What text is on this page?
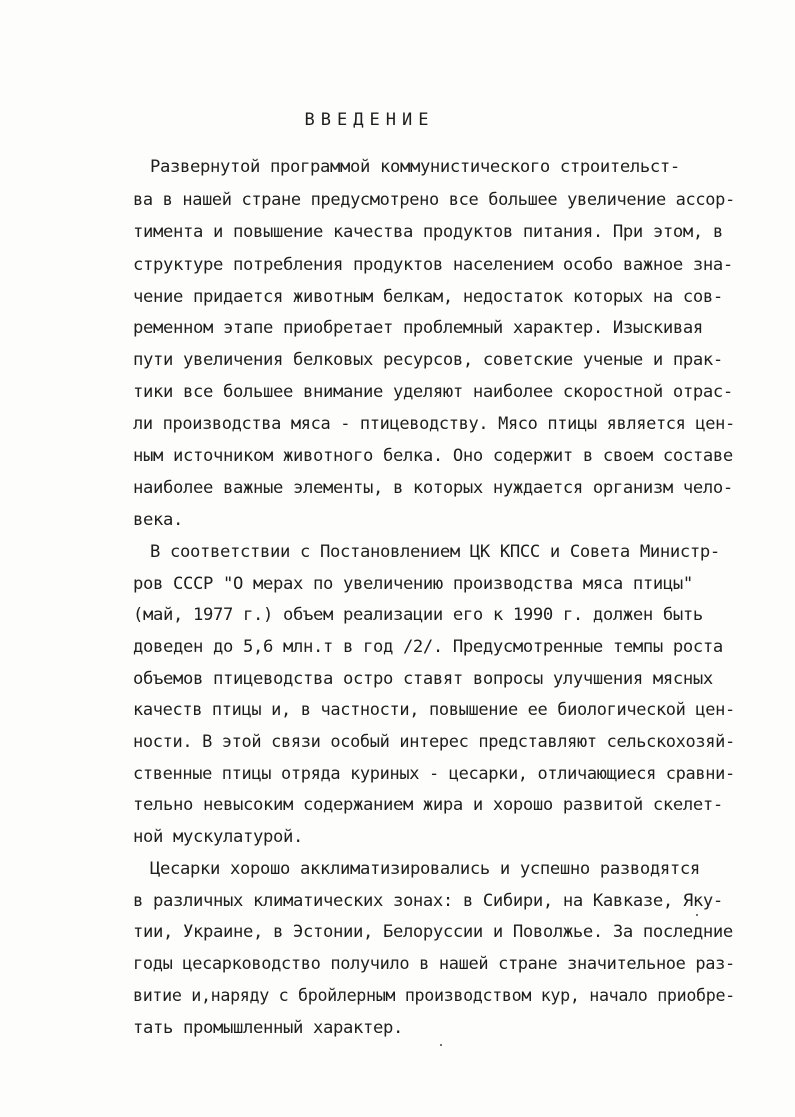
ВВЕДЕНИЕ
Развернутой программой коммунистического строительст-
ва в нашей стране предусмотрено все большее увеличение ассор-
тимента и повышение качества продуктов питания. При этом, в
структуре потребления продуктов населением особо важное зна-
чение придается животным белкам, недостаток которых на сов-
ременном этапе приобретает проблемный характер. Изыскивая
пути увеличения белковых ресурсов, советские ученые и прак-
тики все большее внимание уделяют наиболее скоростной отрас-
ли производства мяса - птицеводству. Мясо птицы является цен-
ным источником животного белка. Оно содержит в своем составе
наиболее важные элементы, в которых нуждается организм чело-
века.
В соответствии с Постановлением ЦК КПСС и Совета Министр-
ров СССР "О мерах по увеличению производства мяса птицы"
(май, 1977 г.) объем реализации его к 1990 г. должен быть
доведен до 5,6 млн.т в год /2/. Предусмотренные темпы роста
объемов птицеводства остро ставят вопросы улучшения мясных
качеств птицы и, в частности, повышение ее биологической цен-
ности. В этой связи особый интерес представляют сельскохозяй-
ственные птицы отряда куриных - цесарки, отличающиеся сравни-
тельно невысоким содержанием жира и хорошо развитой скелет-
ной мускулатурой.
Цесарки хорошо акклиматизировались и успешно разводятся
в различных климатических зонах: в Сибири, на Кавказе, Яку-
тии, Украине, в Эстонии, Белоруссии и Поволжье. За последние
годы цесарководство получило в нашей стране значительное раз-
витие и,наряду с бройлерным производством кур, начало приобре-
тать промышленный характер.
